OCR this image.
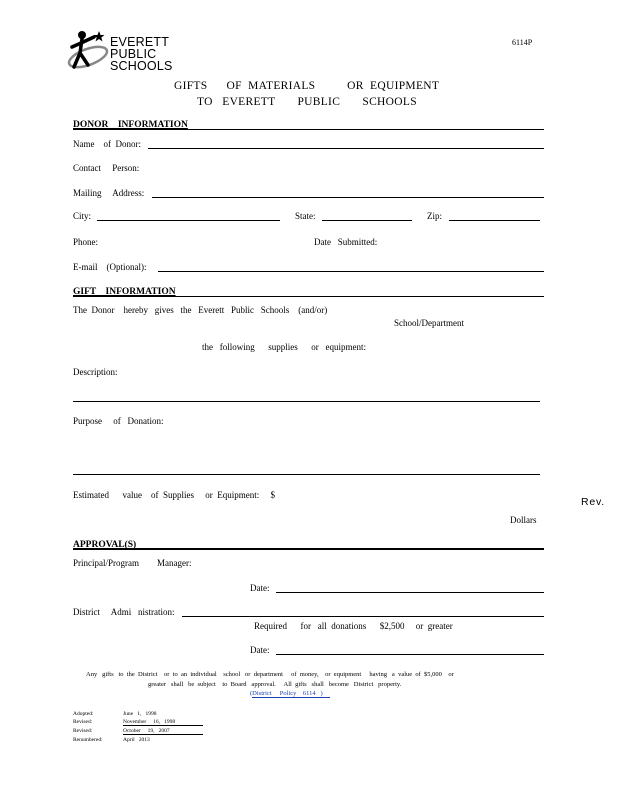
EVERETT
PUBLIC
SCHOOLS
6114P
GIFTS      OF  MATERIALS          OR  EQUIPMENT
TO   EVERETT       PUBLIC       SCHOOLS
DONOR    INFORMATION
Name    of  Donor:
Contact     Person:
Mailing     Address:
City:	State:	Zip:
Phone:	Date   Submitted:
E-mail    (Optional):
GIFT    INFORMATION
The  Donor    hereby   gives   the   Everett   Public   Schools    (and/or)
School/Department
the   following      supplies      or   equipment:
Description:
Purpose     of   Donation:
Estimated      value    of  Supplies     or  Equipment:     $
Rev.
Dollars
APPROVAL(S)
Principal/Program        Manager:
Date:
District     Admi   nistration:
Required      for   all  donations      $2,500     or  greater
Date:
Any   gifts   to  the  District    or  to  an  individual    school   or  department     of  money,    or  equipment     having   a  value  of  $5,000    or
greater   shall   be  subject    to  Board   approval.     All  gifts   shall   become   District   property.
(District     Policy    6114   )
Adopted:	June   1,   1998
Revised:	November     16,   1998
Revised:	October     19,   2007
Renumbered:	April   2013
